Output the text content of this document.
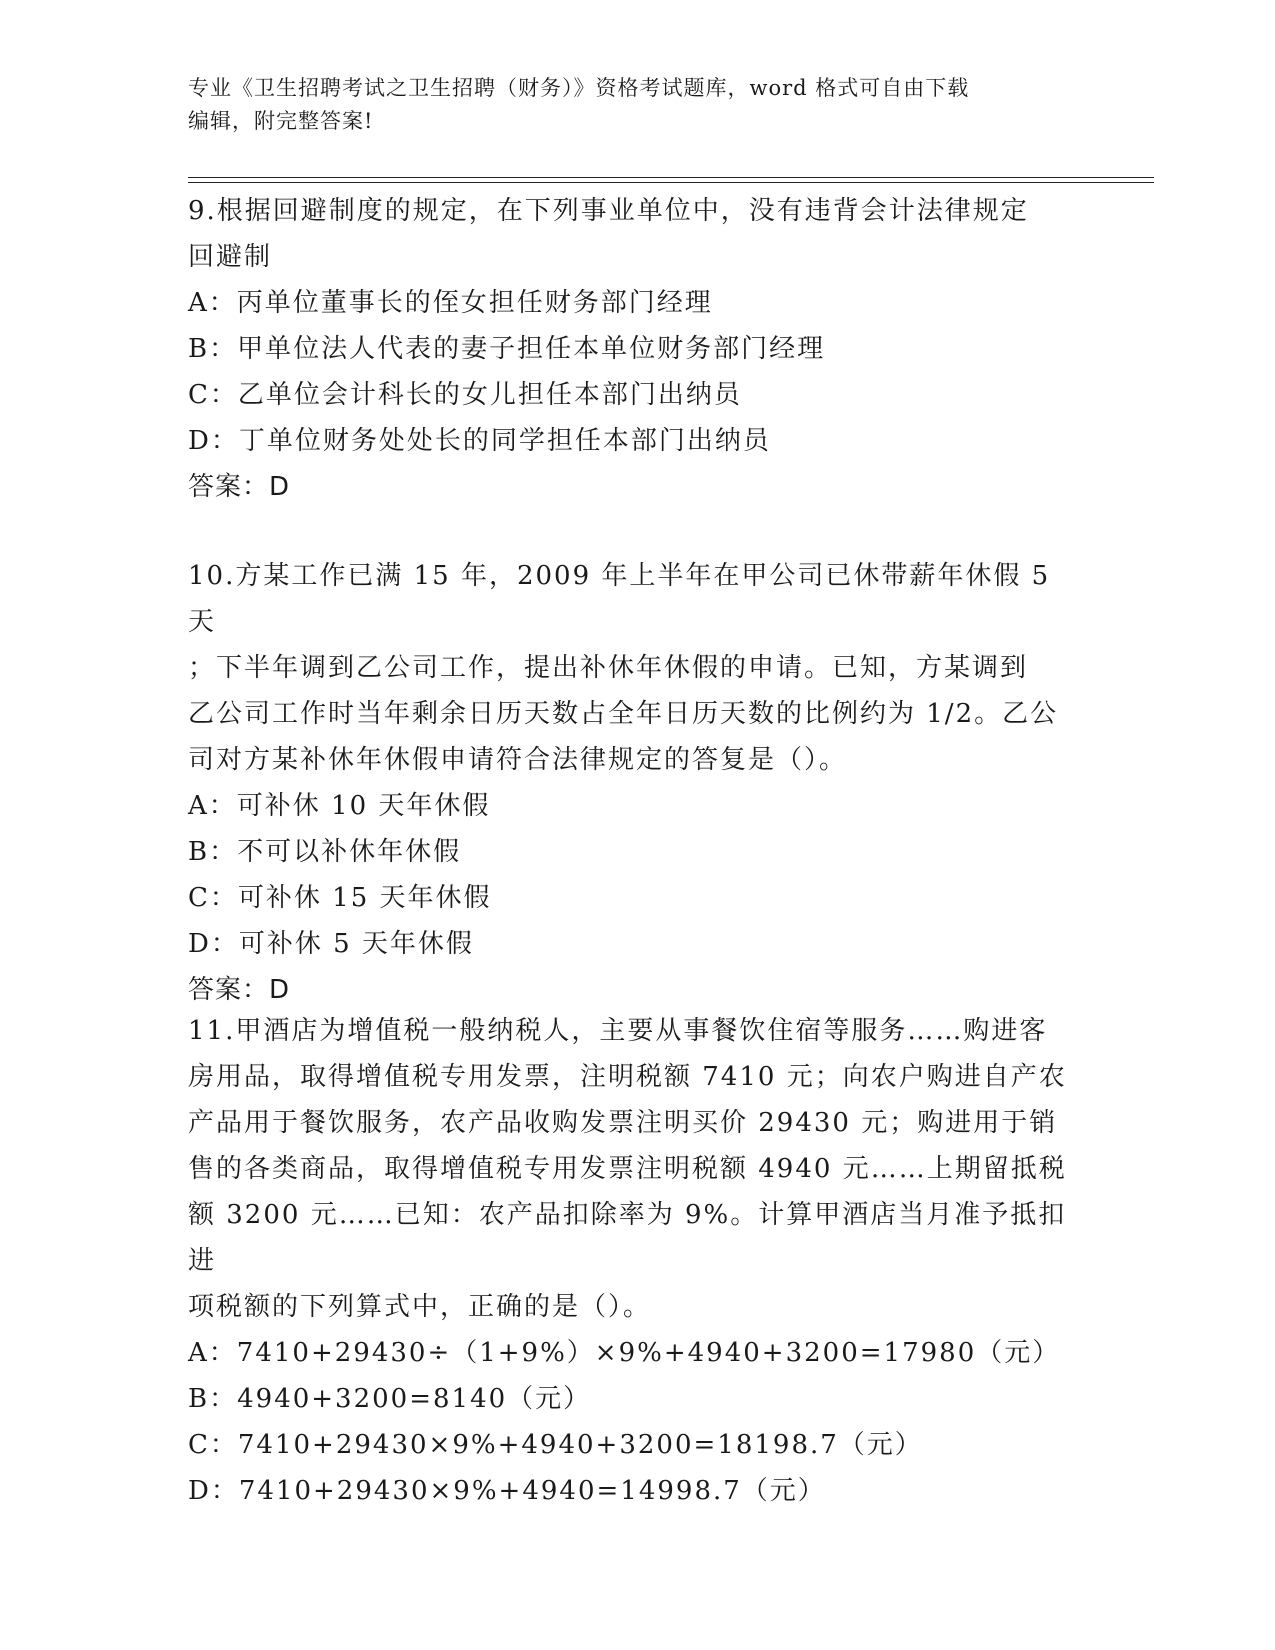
专业《卫生招聘考试之卫生招聘（财务）》资格考试题库，word 格式可自由下载
编辑，附完整答案!

9.根据回避制度的规定，在下列事业单位中，没有违背会计法律规定

回避制

A：丙单位董事长的侄女担任财务部门经理

B：甲单位法人代表的妻子担任本单位财务部门经理

C：乙单位会计科长的女儿担任本部门出纳员

D：丁单位财务处处长的同学担任本部门出纳员

答案：D

10.方某工作已满 15 年，2009 年上半年在甲公司已休带薪年休假 5 天

；下半年调到乙公司工作，提出补休年休假的申请。已知，方某调到

乙公司工作时当年剩余日历天数占全年日历天数的比例约为 1/2。乙公

司对方某补休年休假申请符合法律规定的答复是（）。

A：可补休 10 天年休假

B：不可以补休年休假

C：可补休 15 天年休假

D：可补休 5 天年休假

答案：D

11.甲酒店为增值税一般纳税人，主要从事餐饮住宿等服务……购进客

房用品，取得增值税专用发票，注明税额 7410 元；向农户购进自产农

产品用于餐饮服务，农产品收购发票注明买价 29430 元；购进用于销

售的各类商品，取得增值税专用发票注明税额 4940 元……上期留抵税

额 3200 元……已知：农产品扣除率为 9%。计算甲酒店当月准予抵扣进

项税额的下列算式中，正确的是（）。

A：7410+29430÷（1+9%）×9%+4940+3200=17980（元）

B：4940+3200=8140（元）

C：7410+29430×9%+4940+3200=18198.7（元）

D：7410+29430×9%+4940=14998.7（元）
